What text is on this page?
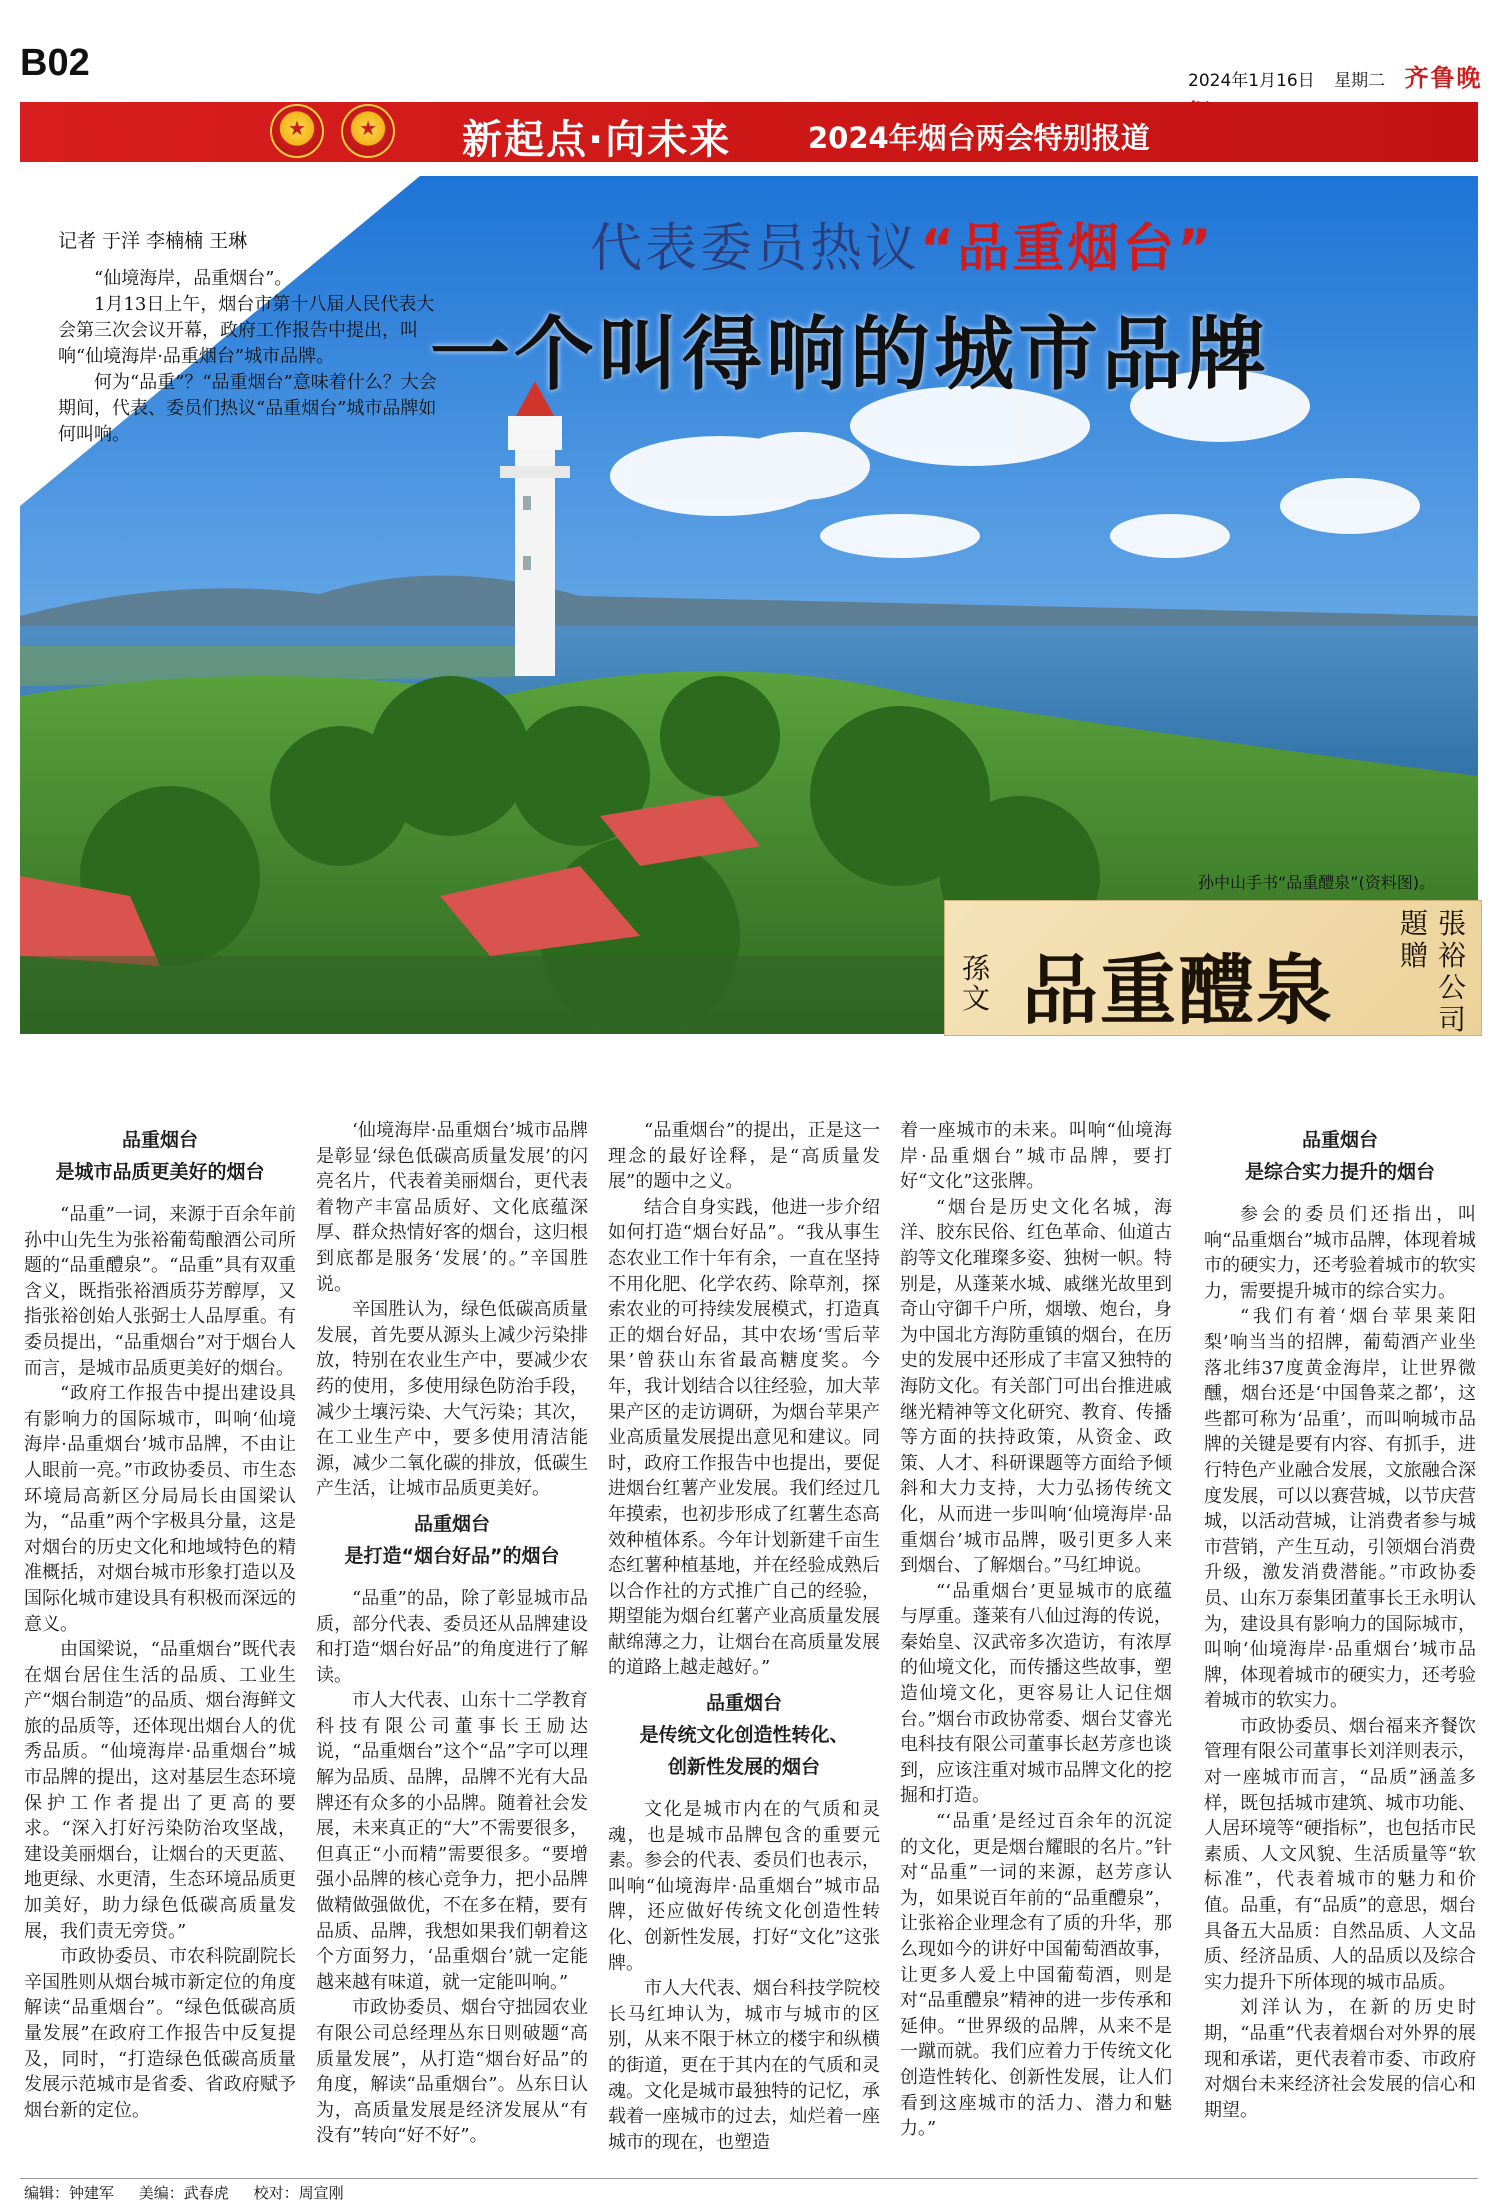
B02	2024年1月16日 星期二 齐鲁晚
★ ★
新起点·向未来	2024年烟台两会特别报道
记者 于洋 李楠楠 王琳

“仙境海岸，品重烟台”。

1月13日上午，烟台市第十八届人民代表大会第三次会议开幕，政府工作报告中提出，叫响“仙境海岸·品重烟台”城市品牌。

何为“品重”？“品重烟台”意味着什么？大会期间，代表、委员们热议“品重烟台”城市品牌如何叫响。

代表委员热议“品重烟台”
一个叫得响的城市品牌
孙中山手书“品重醴泉”(资料图)。
品重醴泉
孫文
張裕公司
題贈
品重烟台
是城市品质更美好的烟台

“品重”一词，来源于百余年前孙中山先生为张裕葡萄酿酒公司所题的“品重醴泉”。“品重”具有双重含义，既指张裕酒质芬芳醇厚，又指张裕创始人张弼士人品厚重。有委员提出，“品重烟台”对于烟台人而言，是城市品质更美好的烟台。

“政府工作报告中提出建设具有影响力的国际城市，叫响‘仙境海岸·品重烟台’城市品牌，不由让人眼前一亮。”市政协委员、市生态环境局高新区分局局长由国梁认为，“品重”两个字极具分量，这是对烟台的历史文化和地域特色的精准概括，对烟台城市形象打造以及国际化城市建设具有积极而深远的意义。

由国梁说，“品重烟台”既代表在烟台居住生活的品质、工业生产“烟台制造”的品质、烟台海鲜文旅的品质等，还体现出烟台人的优秀品质。“仙境海岸·品重烟台”城市品牌的提出，这对基层生态环境保护工作者提出了更高的要求。“深入打好污染防治攻坚战，建设美丽烟台，让烟台的天更蓝、地更绿、水更清，生态环境品质更加美好，助力绿色低碳高质量发展，我们责无旁贷。”

市政协委员、市农科院副院长辛国胜则从烟台城市新定位的角度解读“品重烟台”。“绿色低碳高质量发展”在政府工作报告中反复提及，同时，“打造绿色低碳高质量发展示范城市是省委、省政府赋予烟台新的定位。

‘仙境海岸·品重烟台’城市品牌是彰显‘绿色低碳高质量发展’的闪亮名片，代表着美丽烟台，更代表着物产丰富品质好、文化底蕴深厚、群众热情好客的烟台，这归根到底都是服务‘发展’的。”辛国胜说。

辛国胜认为，绿色低碳高质量发展，首先要从源头上减少污染排放，特别在农业生产中，要减少农药的使用，多使用绿色防治手段，减少土壤污染、大气污染；其次，在工业生产中，要多使用清洁能源，减少二氧化碳的排放，低碳生产生活，让城市品质更美好。

品重烟台
是打造“烟台好品”的烟台

“品重”的品，除了彰显城市品质，部分代表、委员还从品牌建设和打造“烟台好品”的角度进行了解读。

市人大代表、山东十二学教育科技有限公司董事长王励达说，“品重烟台”这个“品”字可以理解为品质、品牌，品牌不光有大品牌还有众多的小品牌。随着社会发展，未来真正的“大”不需要很多，但真正“小而精”需要很多。“要增强小品牌的核心竞争力，把小品牌做精做强做优，不在多在精，要有品质、品牌，我想如果我们朝着这个方面努力，‘品重烟台’就一定能越来越有味道，就一定能叫响。”

市政协委员、烟台守拙园农业有限公司总经理丛东日则破题“高质量发展”，从打造“烟台好品”的角度，解读“品重烟台”。丛东日认为，高质量发展是经济发展从“有没有”转向“好不好”。

“品重烟台”的提出，正是这一理念的最好诠释，是“高质量发展”的题中之义。

结合自身实践，他进一步介绍如何打造“烟台好品”。“我从事生态农业工作十年有余，一直在坚持不用化肥、化学农药、除草剂，探索农业的可持续发展模式，打造真正的烟台好品，其中农场‘雪后苹果’曾获山东省最高糖度奖。今年，我计划结合以往经验，加大苹果产区的走访调研，为烟台苹果产业高质量发展提出意见和建议。同时，政府工作报告中也提出，要促进烟台红薯产业发展。我们经过几年摸索，也初步形成了红薯生态高效种植体系。今年计划新建千亩生态红薯种植基地，并在经验成熟后以合作社的方式推广自己的经验，期望能为烟台红薯产业高质量发展献绵薄之力，让烟台在高质量发展的道路上越走越好。”

品重烟台
是传统文化创造性转化、
创新性发展的烟台

文化是城市内在的气质和灵魂，也是城市品牌包含的重要元素。参会的代表、委员们也表示，叫响“仙境海岸·品重烟台”城市品牌，还应做好传统文化创造性转化、创新性发展，打好“文化”这张牌。

市人大代表、烟台科技学院校长马红坤认为，城市与城市的区别，从来不限于林立的楼宇和纵横的街道，更在于其内在的气质和灵魂。文化是城市最独特的记忆，承载着一座城市的过去，灿烂着一座城市的现在，也塑造

着一座城市的未来。叫响“仙境海岸·品重烟台”城市品牌，要打好“文化”这张牌。

“烟台是历史文化名城，海洋、胶东民俗、红色革命、仙道古韵等文化璀璨多姿、独树一帜。特别是，从蓬莱水城、戚继光故里到奇山守御千户所，烟墩、炮台，身为中国北方海防重镇的烟台，在历史的发展中还形成了丰富又独特的海防文化。有关部门可出台推进戚继光精神等文化研究、教育、传播等方面的扶持政策，从资金、政策、人才、科研课题等方面给予倾斜和大力支持，大力弘扬传统文化，从而进一步叫响‘仙境海岸·品重烟台’城市品牌，吸引更多人来到烟台、了解烟台。”马红坤说。

“‘品重烟台’更显城市的底蕴与厚重。蓬莱有八仙过海的传说，秦始皇、汉武帝多次造访，有浓厚的仙境文化，而传播这些故事，塑造仙境文化，更容易让人记住烟台。”烟台市政协常委、烟台艾睿光电科技有限公司董事长赵芳彦也谈到，应该注重对城市品牌文化的挖掘和打造。

“‘品重’是经过百余年的沉淀的文化，更是烟台耀眼的名片。”针对“品重”一词的来源，赵芳彦认为，如果说百年前的“品重醴泉”，让张裕企业理念有了质的升华，那么现如今的讲好中国葡萄酒故事，让更多人爱上中国葡萄酒，则是对“品重醴泉”精神的进一步传承和延伸。“世界级的品牌，从来不是一蹴而就。我们应着力于传统文化创造性转化、创新性发展，让人们看到这座城市的活力、潜力和魅力。”

品重烟台
是综合实力提升的烟台

参会的委员们还指出，叫响“品重烟台”城市品牌，体现着城市的硬实力，还考验着城市的软实力，需要提升城市的综合实力。

“我们有着‘烟台苹果莱阳梨’响当当的招牌，葡萄酒产业坐落北纬37度黄金海岸，让世界微醺，烟台还是‘中国鲁菜之都’，这些都可称为‘品重’，而叫响城市品牌的关键是要有内容、有抓手，进行特色产业融合发展，文旅融合深度发展，可以以赛营城，以节庆营城，以活动营城，让消费者参与城市营销，产生互动，引领烟台消费升级，激发消费潜能。”市政协委员、山东万泰集团董事长王永明认为，建设具有影响力的国际城市，叫响‘仙境海岸·品重烟台’城市品牌，体现着城市的硬实力，还考验着城市的软实力。

市政协委员、烟台福来齐餐饮管理有限公司董事长刘洋则表示，对一座城市而言，“品质”涵盖多样，既包括城市建筑、城市功能、人居环境等“硬指标”，也包括市民素质、人文风貌、生活质量等“软标准”，代表着城市的魅力和价值。品重，有“品质”的意思，烟台具备五大品质：自然品质、人文品质、经济品质、人的品质以及综合实力提升下所体现的城市品质。

刘洋认为，在新的历史时期，“品重”代表着烟台对外界的展现和承诺，更代表着市委、市政府对烟台未来经济社会发展的信心和期望。

编辑：钟建军 美编：武春虎 校对：周宣刚
